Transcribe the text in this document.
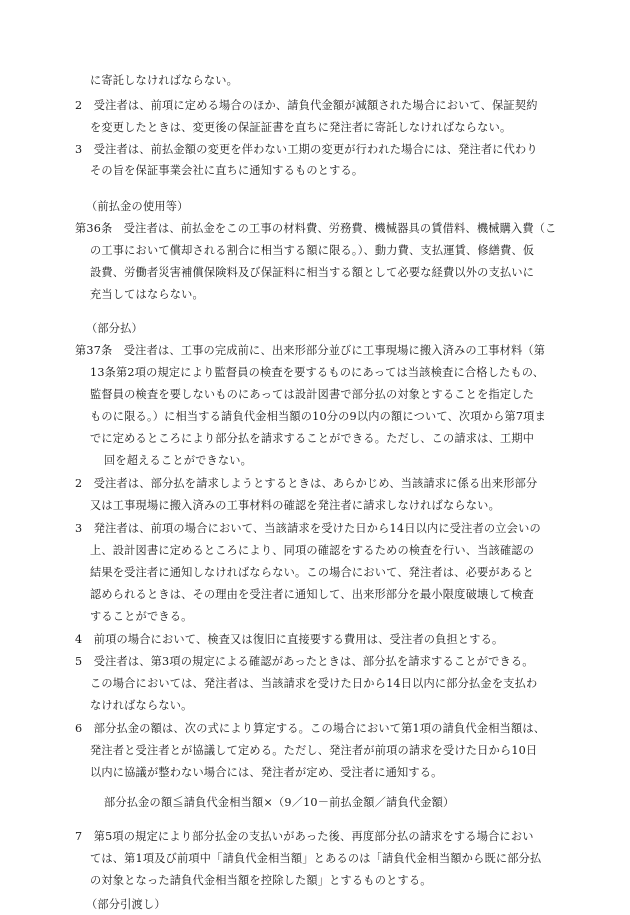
に寄託しなければならない。
2　受注者は、前項に定める場合のほか、請負代金額が減額された場合において、保証契約
を変更したときは、変更後の保証証書を直ちに発注者に寄託しなければならない。
3　受注者は、前払金額の変更を伴わない工期の変更が行われた場合には、発注者に代わり
その旨を保証事業会社に直ちに通知するものとする。
（前払金の使用等）
第36条　受注者は、前払金をこの工事の材料費、労務費、機械器具の賃借料、機械購入費（こ
の工事において償却される割合に相当する額に限る。）、動力費、支払運賃、修繕費、仮
設費、労働者災害補償保険料及び保証料に相当する額として必要な経費以外の支払いに
充当してはならない。
（部分払）
第37条　受注者は、工事の完成前に、出来形部分並びに工事現場に搬入済みの工事材料（第
13条第2項の規定により監督員の検査を要するものにあっては当該検査に合格したもの、
監督員の検査を要しないものにあっては設計図書で部分払の対象とすることを指定した
ものに限る。）に相当する請負代金相当額の10分の9以内の額について、次項から第7項ま
でに定めるところにより部分払を請求することができる。ただし、この請求は、工期中
回を超えることができない。
2　受注者は、部分払を請求しようとするときは、あらかじめ、当該請求に係る出来形部分
又は工事現場に搬入済みの工事材料の確認を発注者に請求しなければならない。
3　発注者は、前項の場合において、当該請求を受けた日から14日以内に受注者の立会いの
上、設計図書に定めるところにより、同項の確認をするための検査を行い、当該確認の
結果を受注者に通知しなければならない。この場合において、発注者は、必要があると
認められるときは、その理由を受注者に通知して、出来形部分を最小限度破壊して検査
することができる。
4　前項の場合において、検査又は復旧に直接要する費用は、受注者の負担とする。
5　受注者は、第3項の規定による確認があったときは、部分払を請求することができる。
この場合においては、発注者は、当該請求を受けた日から14日以内に部分払金を支払わ
なければならない。
6　部分払金の額は、次の式により算定する。この場合において第1項の請負代金相当額は、
発注者と受注者とが協議して定める。ただし、発注者が前項の請求を受けた日から10日
以内に協議が整わない場合には、発注者が定め、受注者に通知する。
部分払金の額≦請負代金相当額×（9／10－前払金額／請負代金額）
7　第5項の規定により部分払金の支払いがあった後、再度部分払の請求をする場合におい
ては、第1項及び前項中「請負代金相当額」とあるのは「請負代金相当額から既に部分払
の対象となった請負代金相当額を控除した額」とするものとする。
（部分引渡し）
